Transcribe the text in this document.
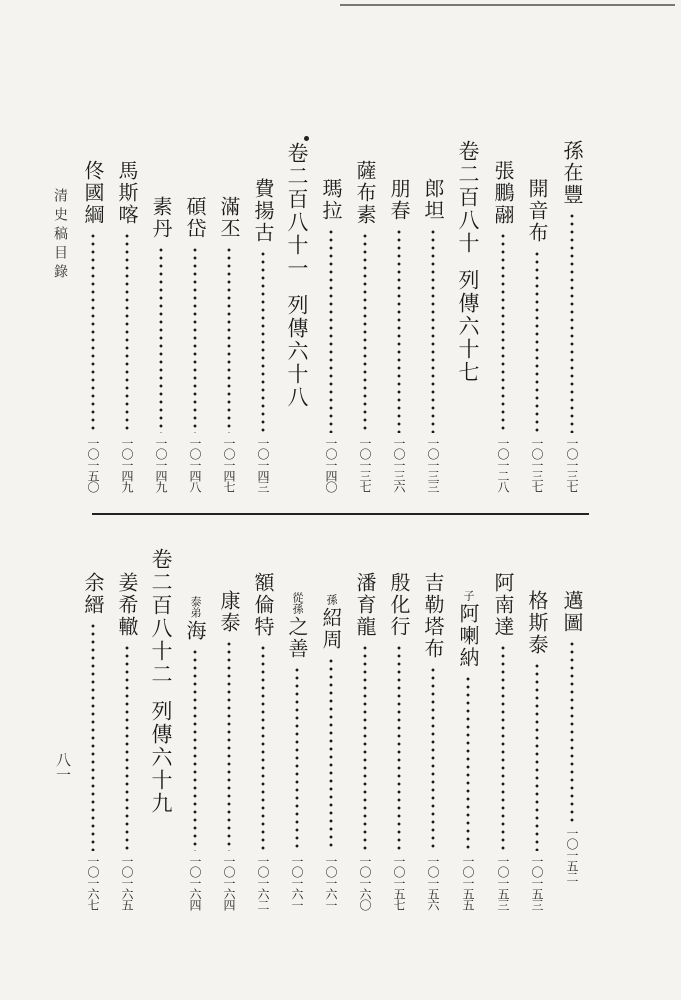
清史稿目錄
八一
孫在豐
一〇一三七
開音布
一〇一三七
張鵬翮
一〇一二八
卷二百八十列傳六十七
郎坦
一〇一三三
朋春
一〇一三六
薩布素
一〇一三七
瑪拉
一〇一四〇
卷二百八十一列傳六十八
費揚古
一〇一四三
滿丕
一〇一四七
碩岱
一〇一四八
素丹
一〇一四九
馬斯喀
一〇一四九
佟國綱
一〇一五〇
邁圖
一〇一五二
格斯泰
一〇一五三
阿南達
一〇一五三
子
阿喇納
一〇一五五
吉勒塔布
一〇一五六
殷化行
一〇一五七
潘育龍
一〇一六〇
孫
紹周
一〇一六一
從孫
之善
一〇一六一
額倫特
一〇一六二
康泰
一〇一六四
泰弟
海
一〇一六四
卷二百八十二列傳六十九
姜希轍
一〇一六五
余縉
一〇一六七
